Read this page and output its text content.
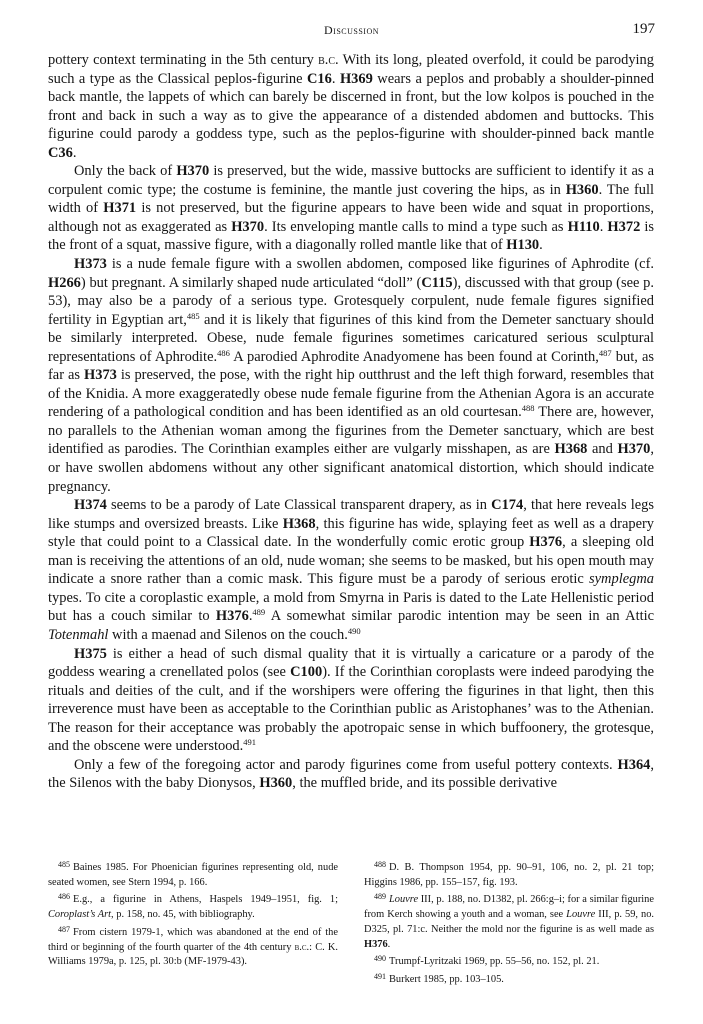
Discussion	197

pottery context terminating in the 5th century b.c. With its long, pleated overfold, it could be parodying such a type as the Classical peplos-figurine C16. H369 wears a peplos and probably a shoulder-pinned back mantle, the lappets of which can barely be discerned in front, but the low kolpos is pouched in the front and back in such a way as to give the appearance of a distended abdomen and buttocks. This figurine could parody a goddess type, such as the peplos-figurine with shoulder-pinned back mantle C36.

Only the back of H370 is preserved, but the wide, massive buttocks are sufficient to identify it as a corpulent comic type; the costume is feminine, the mantle just covering the hips, as in H360. The full width of H371 is not preserved, but the figurine appears to have been wide and squat in proportions, although not as exaggerated as H370. Its enveloping mantle calls to mind a type such as H110. H372 is the front of a squat, massive figure, with a diagonally rolled mantle like that of H130.

H373 is a nude female figure with a swollen abdomen, composed like figurines of Aphrodite (cf. H266) but pregnant. A similarly shaped nude articulated “doll” (C115), discussed with that group (see p. 53), may also be a parody of a serious type. Grotesquely corpulent, nude female figures signified fertility in Egyptian art,$^{485}$ and it is likely that figurines of this kind from the Demeter sanctuary should be similarly interpreted. Obese, nude female figurines sometimes caricatured serious sculptural representations of Aphrodite.$^{486}$ A parodied Aphrodite Anadyomene has been found at Corinth,$^{487}$ but, as far as H373 is preserved, the pose, with the right hip outthrust and the left thigh forward, resembles that of the Knidia. A more exaggeratedly obese nude female figurine from the Athenian Agora is an accurate rendering of a pathological condition and has been identified as an old courtesan.$^{488}$ There are, however, no parallels to the Athenian woman among the figurines from the Demeter sanctuary, which are best identified as parodies. The Corinthian examples either are vulgarly misshapen, as are H368 and H370, or have swollen abdomens without any other significant anatomical distortion, which should indicate pregnancy.

H374 seems to be a parody of Late Classical transparent drapery, as in C174, that here reveals legs like stumps and oversized breasts. Like H368, this figurine has wide, splaying feet as well as a drapery style that could point to a Classical date. In the wonderfully comic erotic group H376, a sleeping old man is receiving the attentions of an old, nude woman; she seems to be masked, but his open mouth may indicate a snore rather than a comic mask. This figure must be a parody of serious erotic symplegma types. To cite a coroplastic example, a mold from Smyrna in Paris is dated to the Late Hellenistic period but has a couch similar to H376.$^{489}$ A somewhat similar parodic intention may be seen in an Attic Totenmahl with a maenad and Silenos on the couch.$^{490}$

H375 is either a head of such dismal quality that it is virtually a caricature or a parody of the goddess wearing a crenellated polos (see C100). If the Corinthian coroplasts were indeed parodying the rituals and deities of the cult, and if the worshipers were offering the figurines in that light, then this irreverence must have been as acceptable to the Corinthian public as Aristophanes’ was to the Athenian. The reason for their acceptance was probably the apotropaic sense in which buffoonery, the grotesque, and the obscene were understood.$^{491}$

Only a few of the foregoing actor and parody figurines come from useful pottery contexts. H364, the Silenos with the baby Dionysos, H360, the muffled bride, and its possible derivative

$^{485}$ Baines 1985. For Phoenician figurines representing old, nude seated women, see Stern 1994, p. 166.

$^{486}$ E.g., a figurine in Athens, Haspels 1949–1951, fig. 1; Coroplast’s Art, p. 158, no. 45, with bibliography.

$^{487}$ From cistern 1979-1, which was abandoned at the end of the third or beginning of the fourth quarter of the 4th century b.c.: C. K. Williams 1979a, p. 125, pl. 30:b (MF-1979-43).

$^{488}$ D. B. Thompson 1954, pp. 90–91, 106, no. 2, pl. 21 top; Higgins 1986, pp. 155–157, fig. 193.

$^{489}$ Louvre III, p. 188, no. D1382, pl. 266:g–i; for a similar figurine from Kerch showing a youth and a woman, see Louvre III, p. 59, no. D325, pl. 71:c. Neither the mold nor the figurine is as well made as H376.

$^{490}$ Trumpf-Lyritzaki 1969, pp. 55–56, no. 152, pl. 21.

$^{491}$ Burkert 1985, pp. 103–105.
